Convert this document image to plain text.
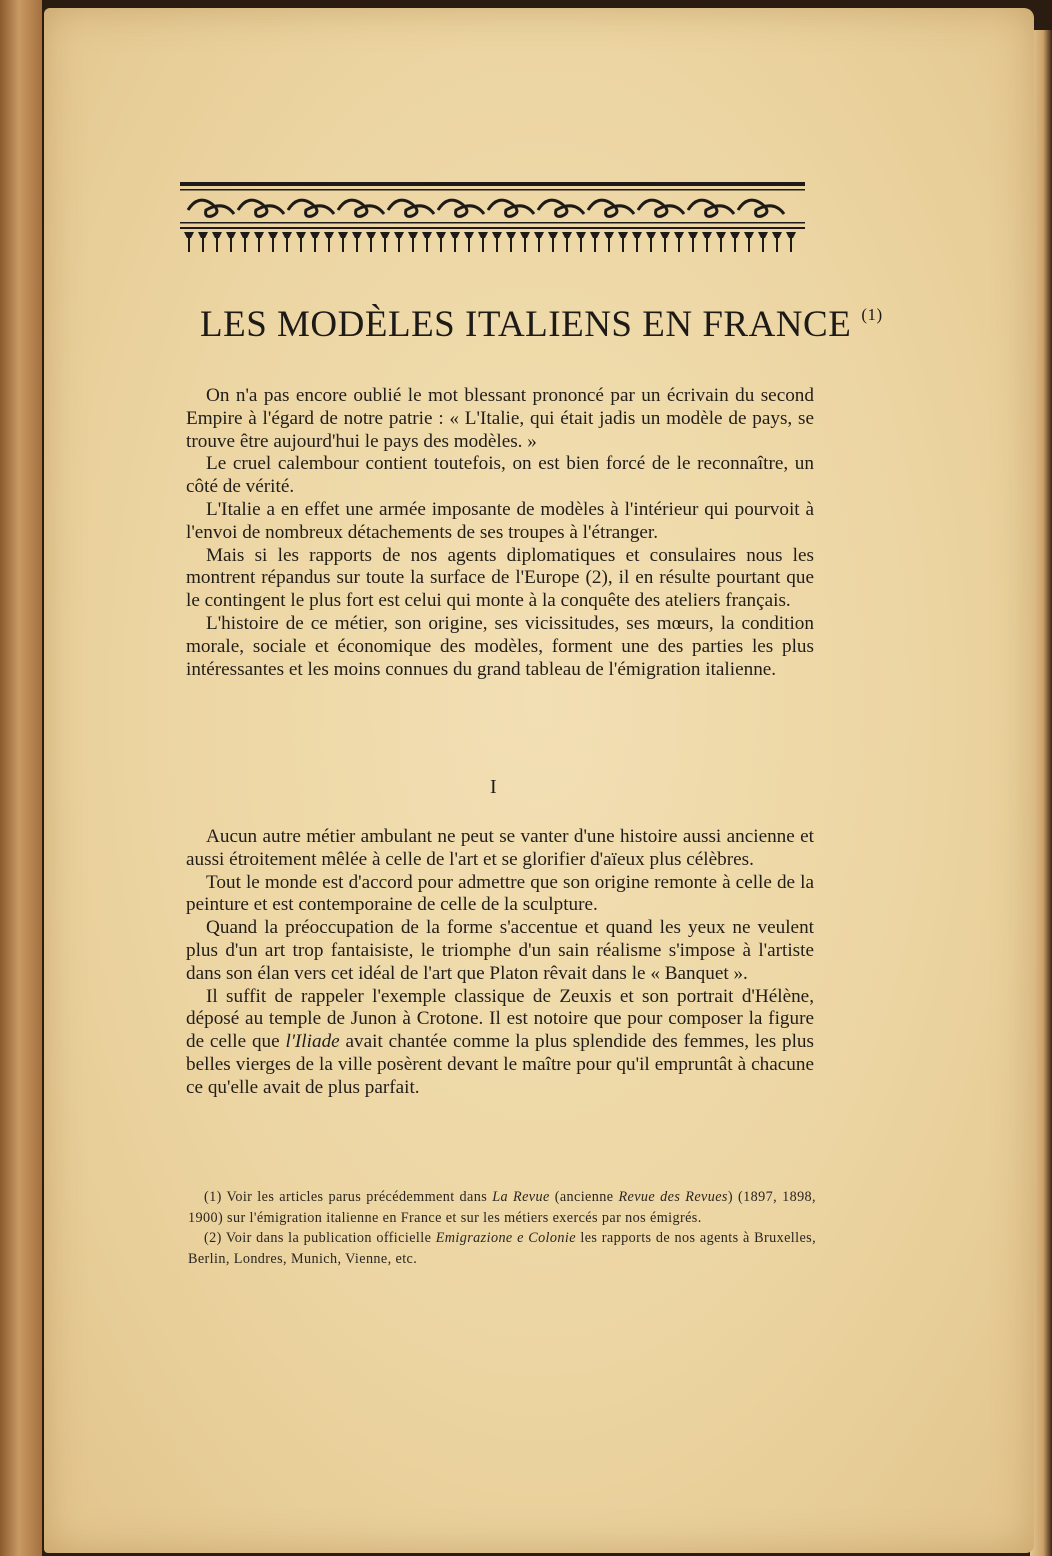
LES MODÈLES ITALIENS EN FRANCE $^{(1)}$

On n'a pas encore oublié le mot blessant prononcé par un écrivain du second Empire à l'égard de notre patrie : « L'Italie, qui était jadis un modèle de pays, se trouve être aujourd'hui le pays des modèles. »

Le cruel calembour contient toutefois, on est bien forcé de le reconnaître, un côté de vérité.

L'Italie a en effet une armée imposante de modèles à l'intérieur qui pourvoit à l'envoi de nombreux détachements de ses troupes à l'étranger.

Mais si les rapports de nos agents diplomatiques et consulaires nous les montrent répandus sur toute la surface de l'Europe (2), il en résulte pourtant que le contingent le plus fort est celui qui monte à la conquête des ateliers français.

L'histoire de ce métier, son origine, ses vicissitudes, ses mœurs, la condition morale, sociale et économique des modèles, forment une des parties les plus intéressantes et les moins connues du grand tableau de l'émigration italienne.

I

Aucun autre métier ambulant ne peut se vanter d'une histoire aussi ancienne et aussi étroitement mêlée à celle de l'art et se glorifier d'aïeux plus célèbres.

Tout le monde est d'accord pour admettre que son origine remonte à celle de la peinture et est contemporaine de celle de la sculpture.

Quand la préoccupation de la forme s'accentue et quand les yeux ne veulent plus d'un art trop fantaisiste, le triomphe d'un sain réalisme s'impose à l'artiste dans son élan vers cet idéal de l'art que Platon rêvait dans le « Banquet ».

Il suffit de rappeler l'exemple classique de Zeuxis et son portrait d'Hélène, déposé au temple de Junon à Crotone. Il est notoire que pour composer la figure de celle que l'Iliade avait chantée comme la plus splendide des femmes, les plus belles vierges de la ville posèrent devant le maître pour qu'il empruntât à chacune ce qu'elle avait de plus parfait.

(1) Voir les articles parus précédemment dans La Revue (ancienne Revue des Revues) (1897, 1898, 1900) sur l'émigration italienne en France et sur les métiers exercés par nos émigrés.

(2) Voir dans la publication officielle Emigrazione e Colonie les rapports de nos agents à Bruxelles, Berlin, Londres, Munich, Vienne, etc.
